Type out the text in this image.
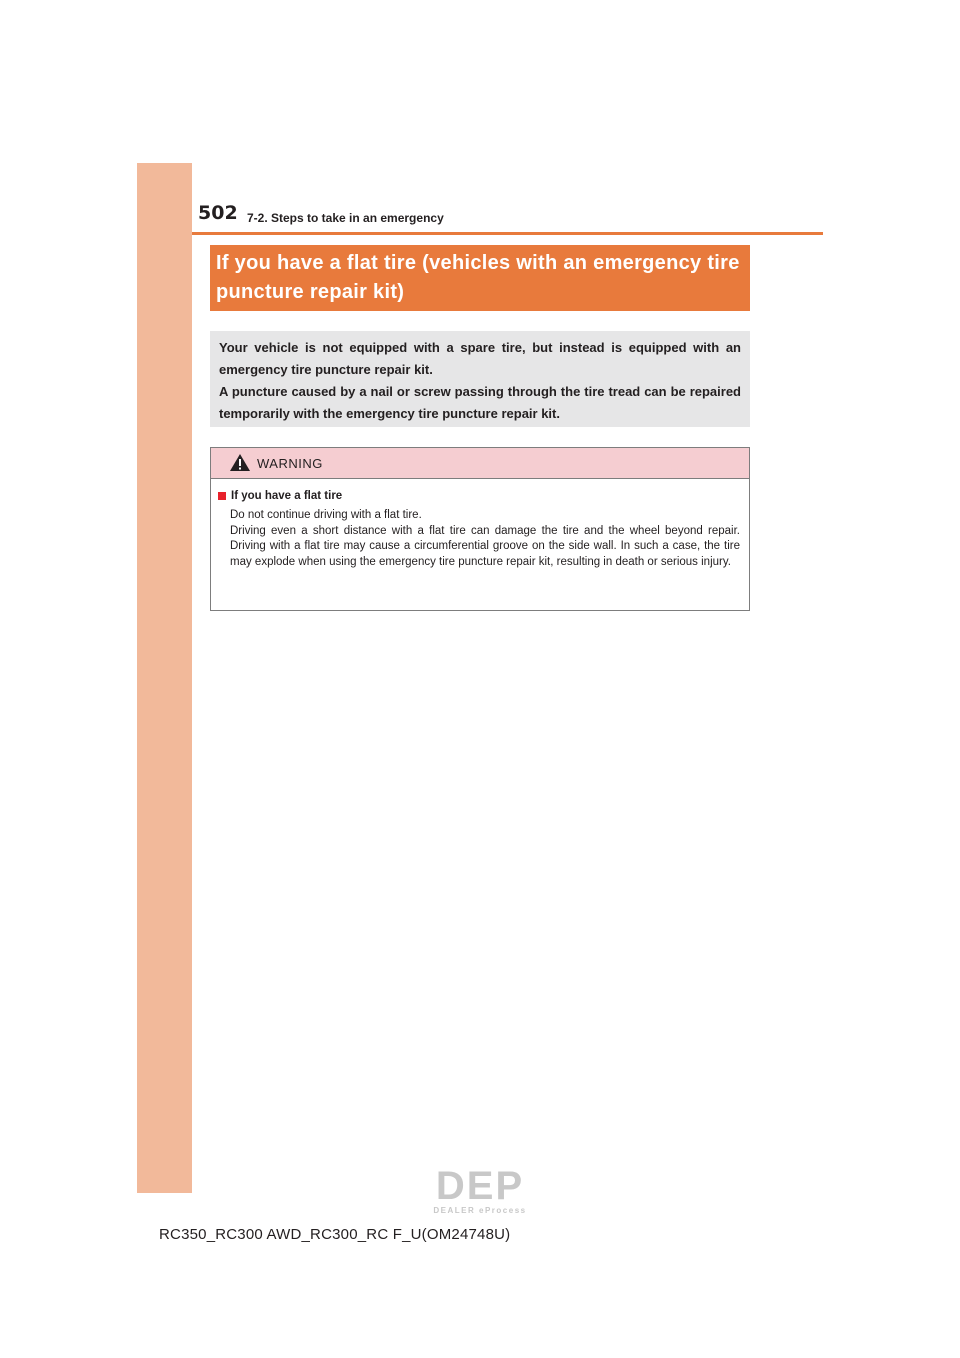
502 7-2. Steps to take in an emergency
If you have a flat tire (vehicles with an emergency tire puncture repair kit)

Your vehicle is not equipped with a spare tire, but instead is equipped with an emergency tire puncture repair kit.

A puncture caused by a nail or screw passing through the tire tread can be repaired temporarily with the emergency tire puncture repair kit.

WARNING
If you have a flat tire

Do not continue driving with a flat tire.

Driving even a short distance with a flat tire can damage the tire and the wheel beyond repair. Driving with a flat tire may cause a circumferential groove on the side wall. In such a case, the tire may explode when using the emergency tire puncture repair kit, resulting in death or serious injury.

DEP
DEALER eProcess
RC350_RC300 AWD_RC300_RC F_U(OM24748U)
